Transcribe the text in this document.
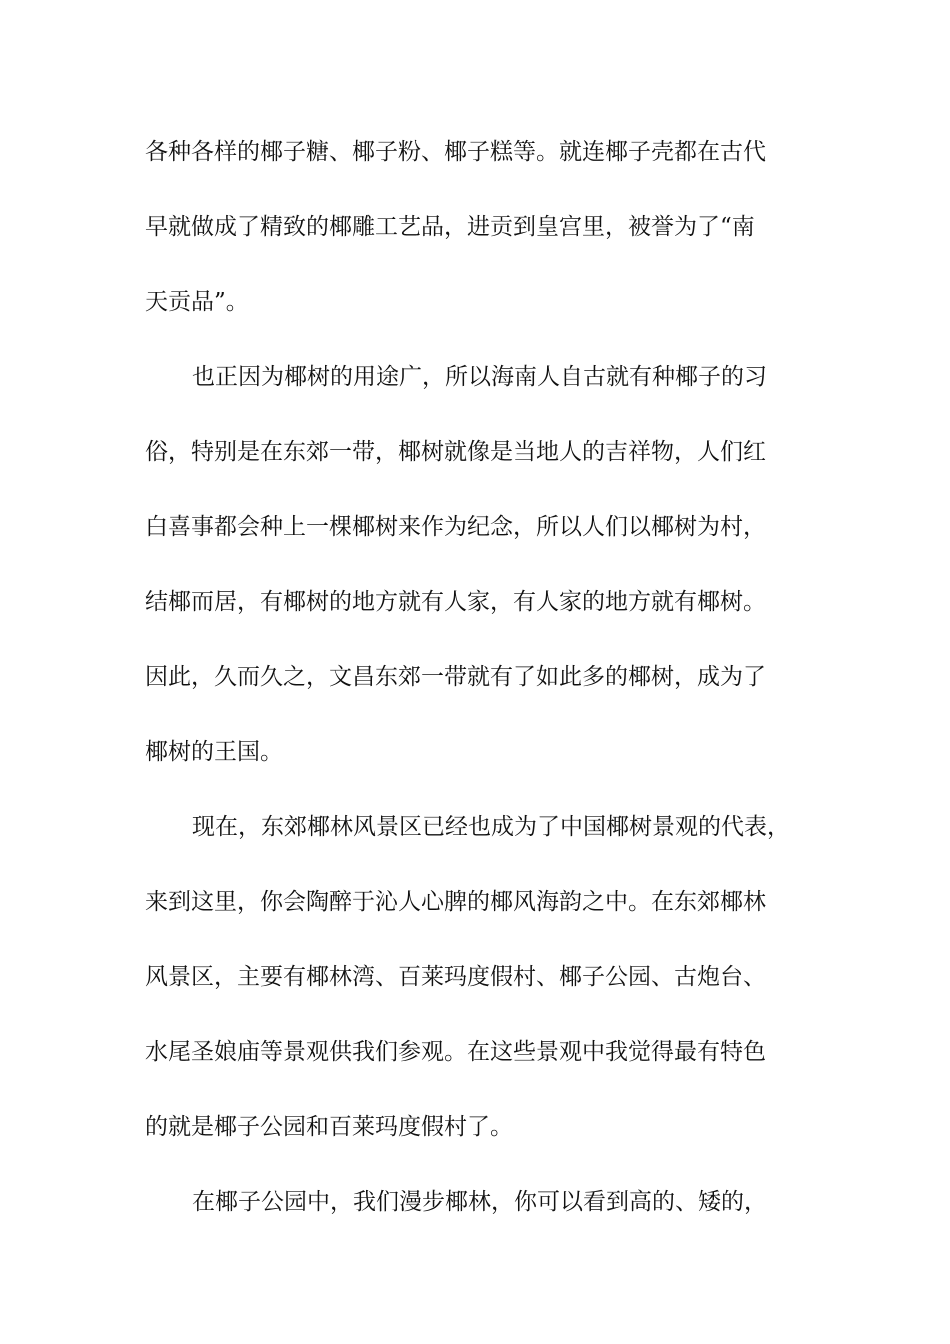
各种各样的椰子糖、椰子粉、椰子糕等。就连椰子壳都在古代
早就做成了精致的椰雕工艺品，进贡到皇宫里，被誉为了“南
天贡品”。
也正因为椰树的用途广，所以海南人自古就有种椰子的习
俗，特别是在东郊一带，椰树就像是当地人的吉祥物，人们红
白喜事都会种上一棵椰树来作为纪念，所以人们以椰树为村，
结椰而居，有椰树的地方就有人家，有人家的地方就有椰树。
因此，久而久之，文昌东郊一带就有了如此多的椰树，成为了
椰树的王国。
现在，东郊椰林风景区已经也成为了中国椰树景观的代表，
来到这里，你会陶醉于沁人心脾的椰风海韵之中。在东郊椰林
风景区，主要有椰林湾、百莱玛度假村、椰子公园、古炮台、
水尾圣娘庙等景观供我们参观。在这些景观中我觉得最有特色
的就是椰子公园和百莱玛度假村了。
在椰子公园中，我们漫步椰林，你可以看到高的、矮的，
